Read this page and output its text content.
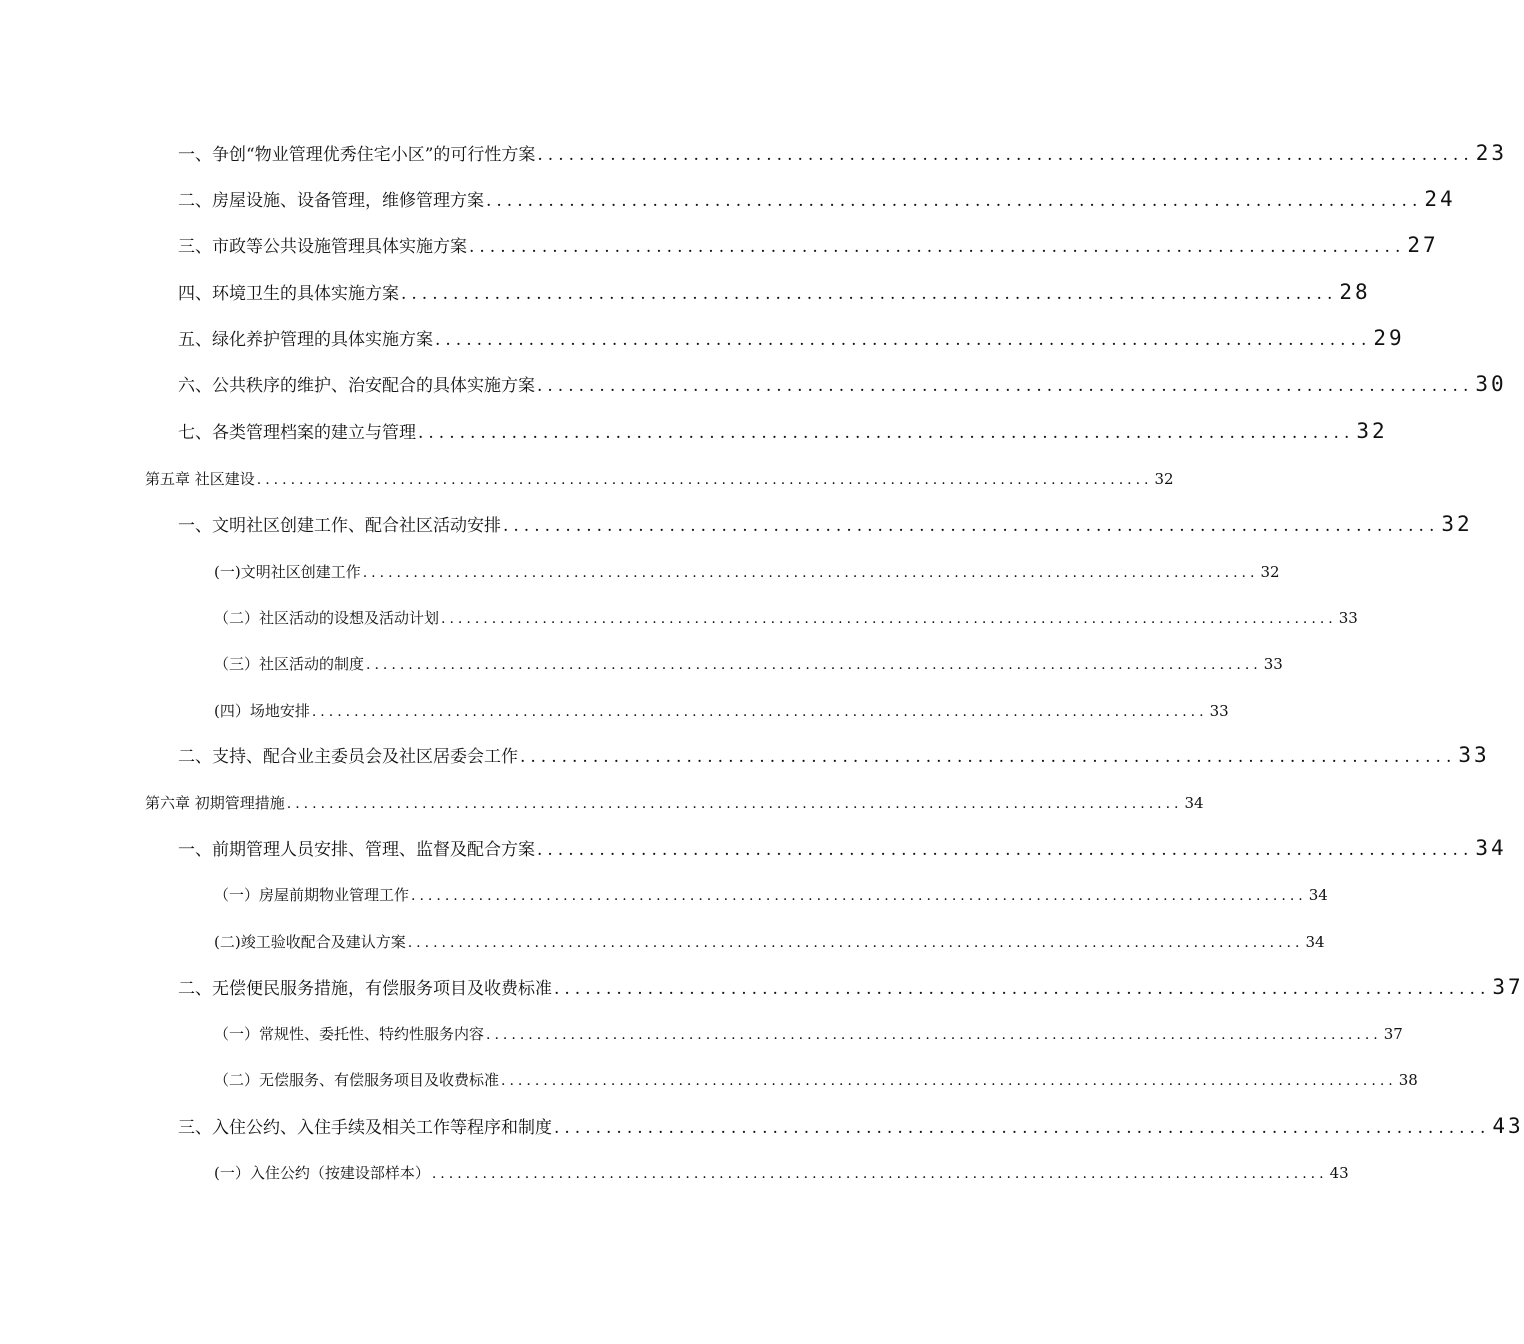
一、争创“物业管理优秀住宅小区”的可行性方案 .......................................................................................... 23
二、房屋设施、设备管理，维修管理方案 .......................................................................................... 24
三、市政等公共设施管理具体实施方案 .......................................................................................... 27
四、环境卫生的具体实施方案 .......................................................................................... 28
五、绿化养护管理的具体实施方案 .......................................................................................... 29
六、公共秩序的维护、治安配合的具体实施方案 .......................................................................................... 30
七、各类管理档案的建立与管理 .......................................................................................... 32
第五章 社区建设 .......................................................................................................... 32
一、文明社区创建工作、配合社区活动安排 .......................................................................................... 32
(一)文明社区创建工作 .......................................................................................................... 32
（二）社区活动的设想及活动计划 .......................................................................................................... 33
（三）社区活动的制度 .......................................................................................................... 33
(四）场地安排 .......................................................................................................... 33
二、支持、配合业主委员会及社区居委会工作 .......................................................................................... 33
第六章 初期管理措施 .......................................................................................................... 34
一、前期管理人员安排、管理、监督及配合方案 .......................................................................................... 34
（一）房屋前期物业管理工作 .......................................................................................................... 34
(二)竣工验收配合及建认方案 .......................................................................................................... 34
二、无偿便民服务措施，有偿服务项目及收费标准 .......................................................................................... 37
（一）常规性、委托性、特约性服务内容 .......................................................................................................... 37
（二）无偿服务、有偿服务项目及收费标准 .......................................................................................................... 38
三、入住公约、入住手续及相关工作等程序和制度 .......................................................................................... 43
(一）入住公约（按建设部样本） .......................................................................................................... 43
